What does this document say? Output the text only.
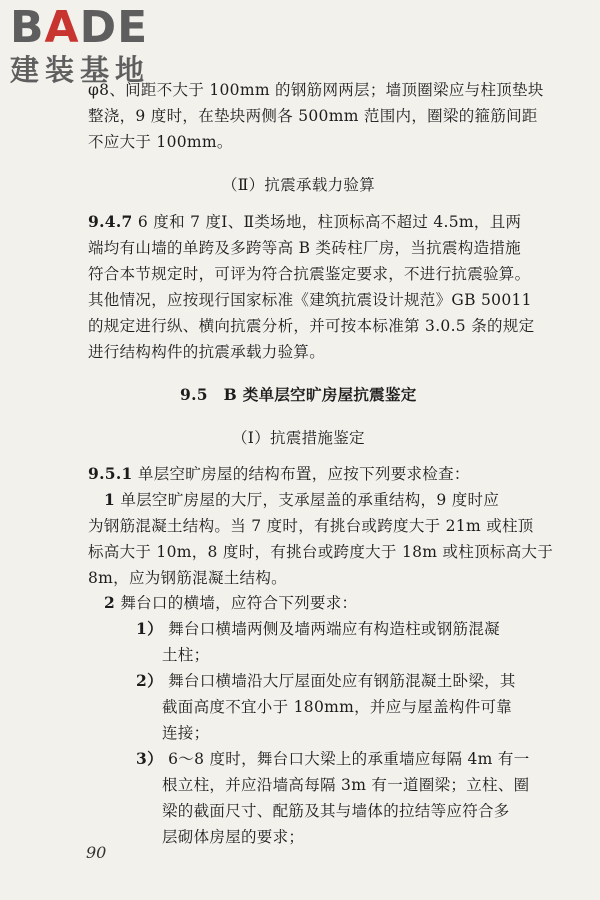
BADE
建装基地
φ8、间距不大于 100mm 的钢筋网两层；墙顶圈梁应与柱顶垫块
整浇，9 度时，在垫块两侧各 500mm 范围内，圈梁的箍筋间距
不应大于 100mm。
（Ⅱ）抗震承载力验算
9.4.7 6 度和 7 度Ⅰ、Ⅱ类场地，柱顶标高不超过 4.5m，且两
端均有山墙的单跨及多跨等高 B 类砖柱厂房，当抗震构造措施
符合本节规定时，可评为符合抗震鉴定要求，不进行抗震验算。
其他情况，应按现行国家标准《建筑抗震设计规范》GB 50011
的规定进行纵、横向抗震分析，并可按本标准第 3.0.5 条的规定
进行结构构件的抗震承载力验算。
9.5　B 类单层空旷房屋抗震鉴定
（Ⅰ）抗震措施鉴定
9.5.1 单层空旷房屋的结构布置，应按下列要求检查：
1 单层空旷房屋的大厅，支承屋盖的承重结构，9 度时应
为钢筋混凝土结构。当 7 度时，有挑台或跨度大于 21m 或柱顶
标高大于 10m，8 度时，有挑台或跨度大于 18m 或柱顶标高大于
8m，应为钢筋混凝土结构。
2 舞台口的横墙，应符合下列要求：
1） 舞台口横墙两侧及墙两端应有构造柱或钢筋混凝
土柱；
2） 舞台口横墙沿大厅屋面处应有钢筋混凝土卧梁，其
截面高度不宜小于 180mm，并应与屋盖构件可靠
连接；
3） 6～8 度时，舞台口大梁上的承重墙应每隔 4m 有一
根立柱，并应沿墙高每隔 3m 有一道圈梁；立柱、圈
梁的截面尺寸、配筋及其与墙体的拉结等应符合多
层砌体房屋的要求；
90
